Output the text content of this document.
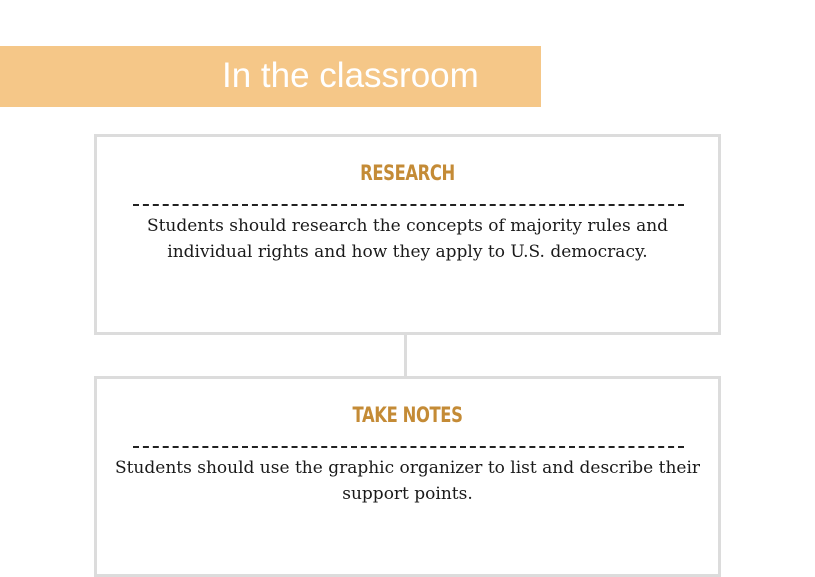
In the classroom
RESEARCH

Students should research the concepts of majority rules and individual rights and how they apply to U.S. democracy.

TAKE NOTES

Students should use the graphic organizer to list and describe their support points.
